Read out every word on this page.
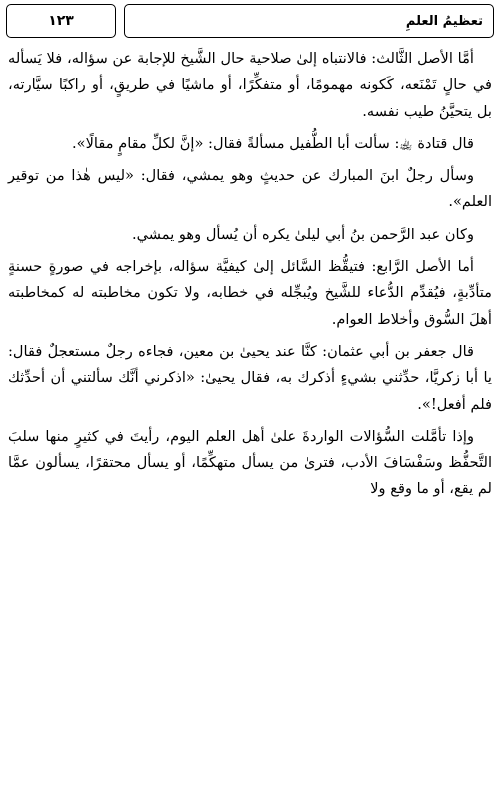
تعظيمُ العلمِ
١٢٣

أمَّا الأصل الثَّالث: فالانتباه إلىٰ صلاحية حال الشَّيخ للإجابة عن سؤاله، فلا يَسأله في حالٍ تَمْنَعه، كَكونه مهمومًا، أو متفكِّرًا، أو ماشيًا في طريقٍ، أو راكبًا سيَّارته، بل يتحيَّنُ طيب نفسه.

قال قتادة ﵀: سألت أبا الطُّفيل مسألةً فقال: «إنَّ لكلِّ مقامٍ مقالًا».

وسأل رجلٌ ابنَ المبارك عن حديثٍ وهو يمشي، فقال: «ليس هٰذا من توقير العلم».

وكان عبد الرَّحمن بنُ أبي ليلىٰ يكره أن يُسأل وهو يمشي.

أما الأصل الرَّابع: فتيقُّظ السَّائل إلىٰ كيفيَّة سؤاله، بإخراجه في صورةٍ حسنةٍ متأدِّبةٍ، فيُقدِّم الدُّعاء للشَّيخ ويُبجِّله في خطابه، ولا تكون مخاطبته له كمخاطبته أهلَ السُّوق وأخلاط العوام.

قال جعفر بن أبي عثمان: كنَّا عند يحيىٰ بن معين، فجاءه رجلٌ مستعجلٌ فقال: يا أبا زكريَّا، حدِّثني بشيءٍ أذكرك به، فقال يحيىٰ: «اذكرني أنَّك سألتني أن أحدِّثك فلم أفعل!».

وإذا تأمَّلت السُّؤالات الواردةَ علىٰ أهل العلم اليوم، رأيتَ في كثيرٍ منها سلبَ التَّحفُّظ وسَفْسَافَ الأدب، فترىٰ من يسأل متهكِّمًا، أو يسأل محتقرًا، يسألون عمَّا لم يقع، أو ما وقع ولا
